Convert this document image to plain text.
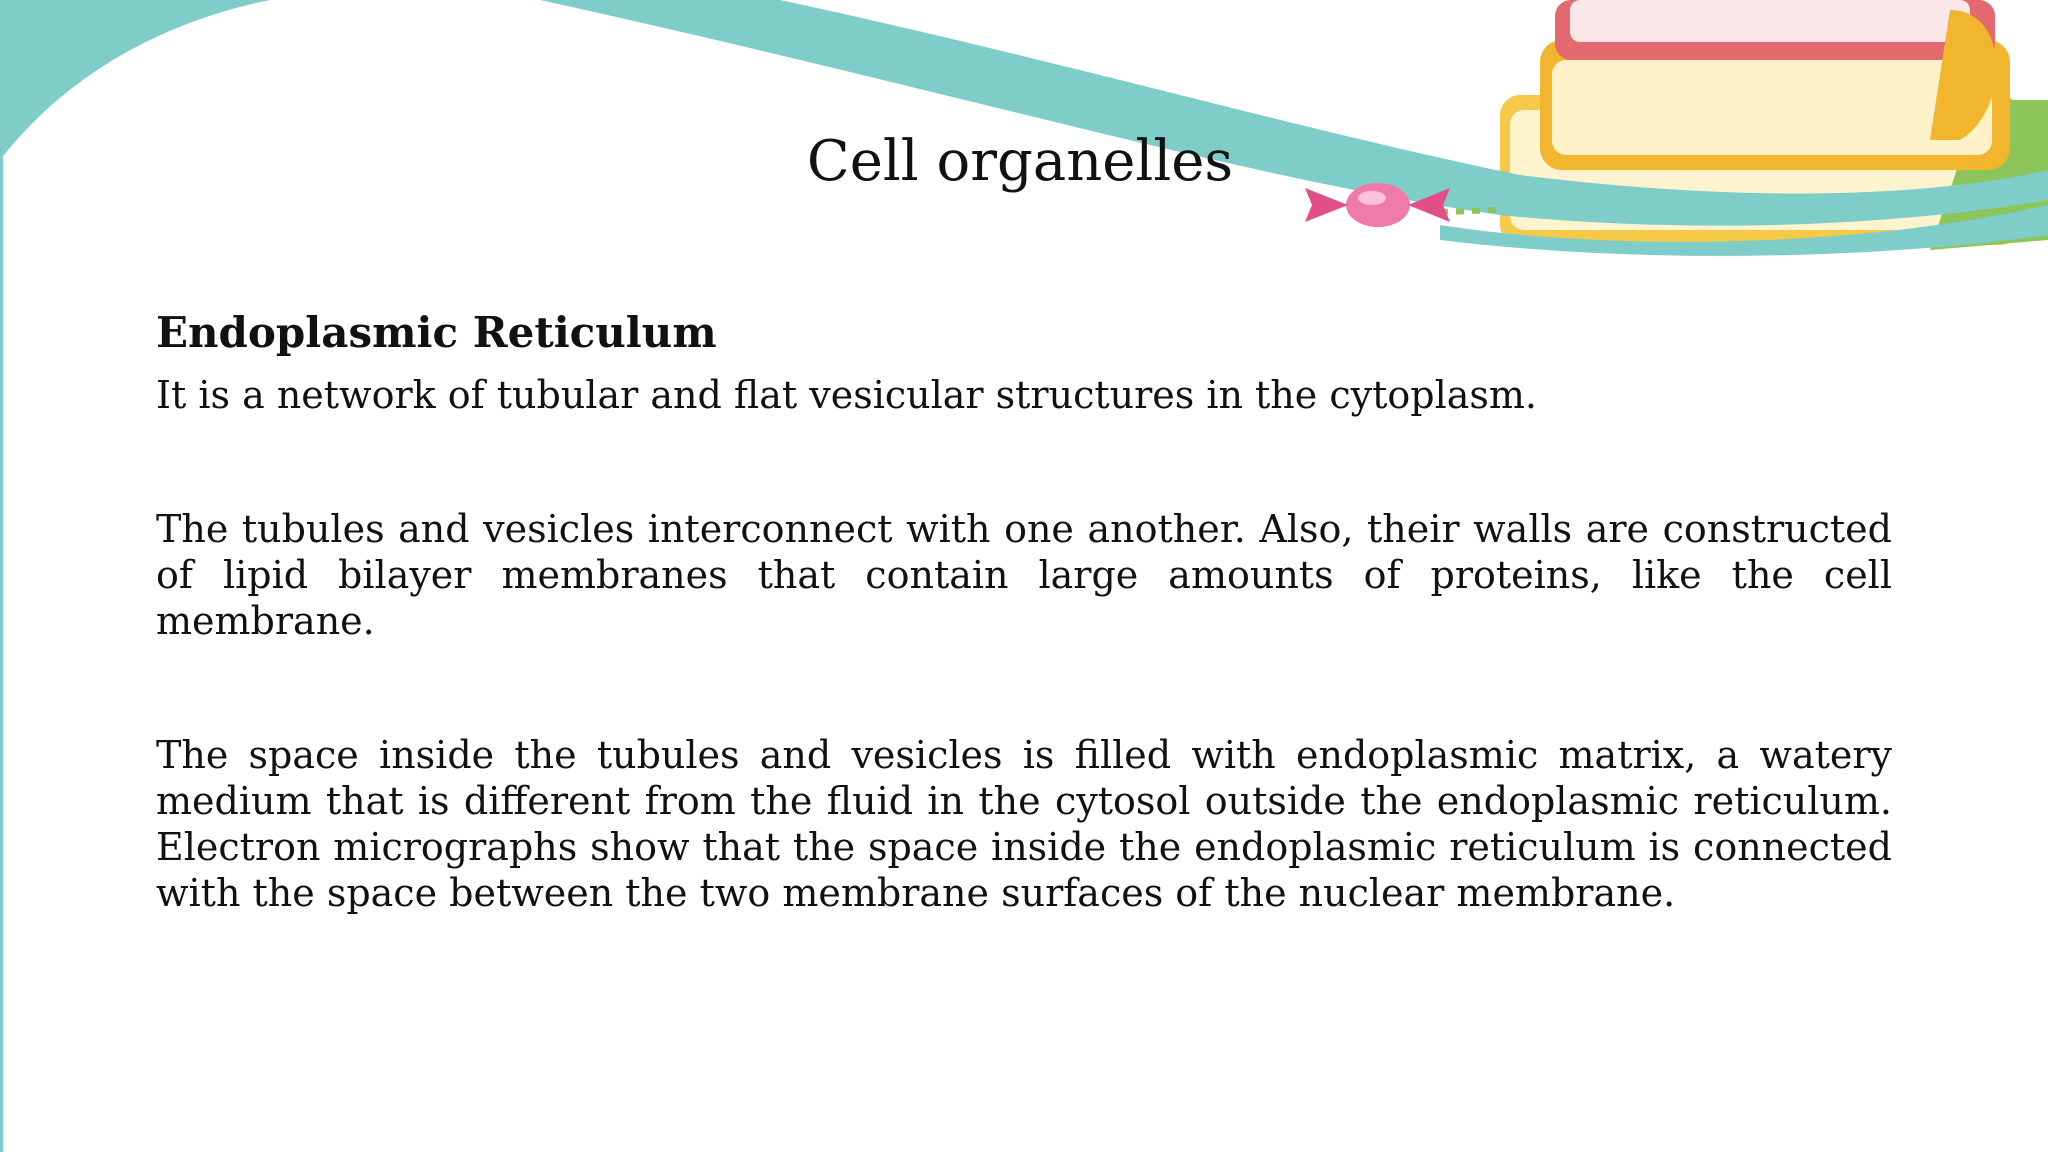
Cell organelles
Endoplasmic Reticulum

It is a network of tubular and flat vesicular structures in the cytoplasm.

The tubules and vesicles interconnect with one another. Also, their walls are constructed of lipid bilayer membranes that contain large amounts of proteins, like the cell membrane.

The space inside the tubules and vesicles is filled with endoplasmic matrix, a watery medium that is different from the fluid in the cytosol outside the endoplasmic reticulum. Electron micrographs show that the space inside the endoplasmic reticulum is connected with the space between the two membrane surfaces of the nuclear membrane.
